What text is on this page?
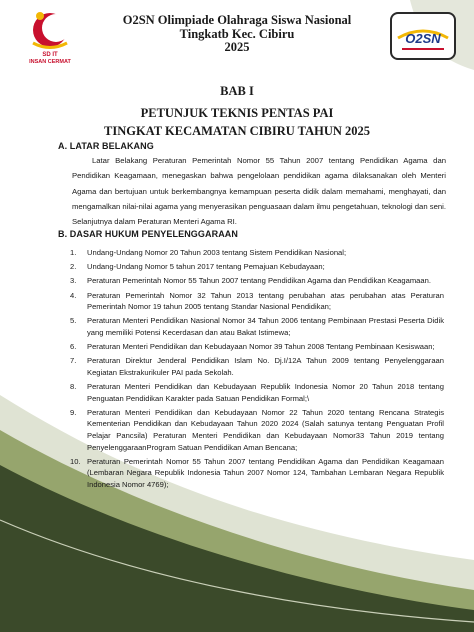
SD IT
INSAN CERMAT
O2SN Olimpiade Olahraga Siswa Nasional
Tingkatb Kec. Cibiru
2025
O2SN
BAB I
PETUNJUK TEKNIS PENTAS PAI
TINGKAT KECAMATAN CIBIRU TAHUN 2025
A. LATAR BELAKANG

Latar Belakang Peraturan Pemerintah Nomor 55 Tahun 2007 tentang Pendidikan Agama dan Pendidikan Keagamaan, menegaskan bahwa pengelolaan pendidikan agama dilaksanakan oleh Menteri Agama dan bertujuan untuk berkembangnya kemampuan peserta didik dalam memahami, menghayati, dan mengamalkan nilai-nilai agama yang menyerasikan penguasaan dalam ilmu pengetahuan, teknologi dan seni. Selanjutnya dalam Peraturan Menteri Agama RI.

B. DASAR HUKUM PENYELENGGARAAN
1. Undang-Undang Nomor 20 Tahun 2003 tentang Sistem Pendidikan Nasional;
2. Undang-Undang Nomor 5 tahun 2017 tentang Pemajuan Kebudayaan;
3. Peraturan Pemerintah Nomor 55 Tahun 2007 tentang Pendidikan Agama dan Pendidikan Keagamaan.
4. Peraturan Pemerintah Nomor 32 Tahun 2013 tentang perubahan atas perubahan atas Peraturan Pemerintah Nomor 19 tahun 2005 tentang Standar Nasional Pendidikan;
5. Peraturan Menteri Pendidikan Nasional Nomor 34 Tahun 2006 tentang Pembinaan Prestasi Peserta Didik yang memiliki Potensi Kecerdasan dan atau Bakat Istimewa;
6. Peraturan Menteri Pendidikan dan Kebudayaan Nomor 39 Tahun 2008 Tentang Pembinaan Kesiswaan;
7. Peraturan Direktur Jenderal Pendidikan Islam No. Dj.I/12A Tahun 2009 tentang Penyelenggaraan Kegiatan Ekstrakurikuler PAI pada Sekolah.
8. Peraturan Menteri Pendidikan dan Kebudayaan Republik Indonesia Nomor 20 Tahun 2018 tentang Penguatan Pendidikan Karakter pada Satuan Pendidikan Formal;\
9. Peraturan Menteri Pendidikan dan Kebudayaan Nomor 22 Tahun 2020 tentang Rencana Strategis Kementerian Pendidikan dan Kebudayaan Tahun 2020 2024 (Salah satunya tentang Penguatan Profil Pelajar Pancsila) Peraturan Menteri Pendidikan dan Kebudayaan Nomor33 Tahun 2019 tentang PenyelenggaraanProgram Satuan Pendidikan Aman Bencana;
10. Peraturan Pemerintah Nomor 55 Tahun 2007 tentang Pendidikan Agama dan Pendidikan Keagamaan (Lembaran Negara Republik Indonesia Tahun 2007 Nomor 124, Tambahan Lembaran Negara Republik Indonesia Nomor 4769);
